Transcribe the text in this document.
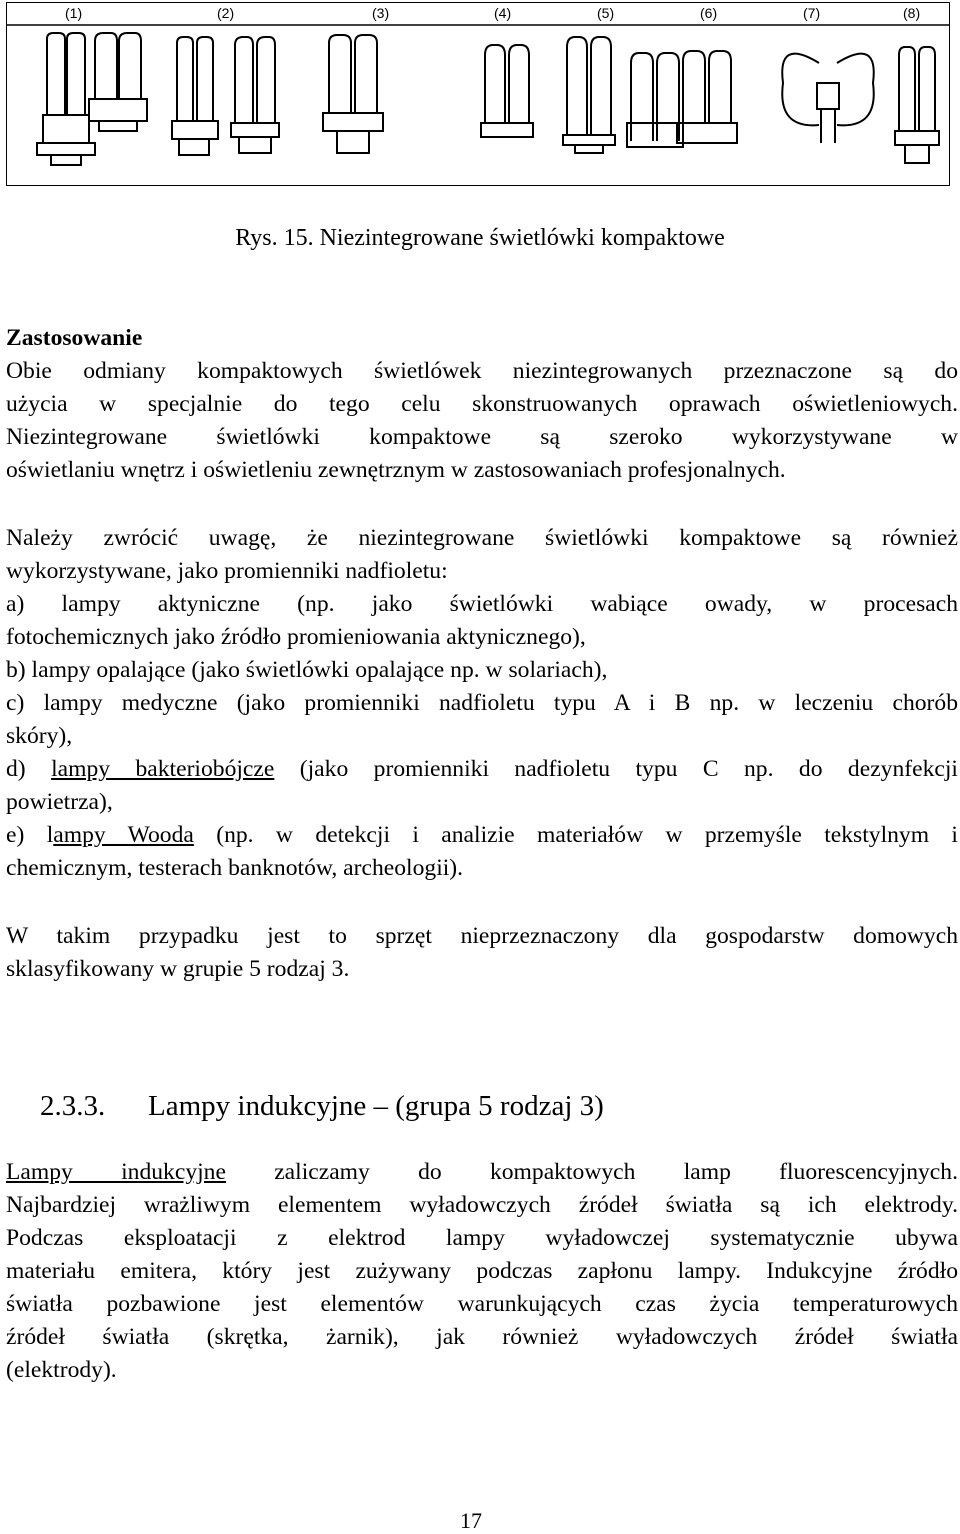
(1)	(2)	(3)	(4)	(5)	(6)	(7)	(8)
Rys. 15. Niezintegrowane świetlówki kompaktowe
Zastosowanie
Obie odmiany kompaktowych świetlówek niezintegrowanych przeznaczone są do
użycia w specjalnie do tego celu skonstruowanych oprawach oświetleniowych.
Niezintegrowane świetlówki kompaktowe są szeroko wykorzystywane w
oświetlaniu wnętrz i oświetleniu zewnętrznym w zastosowaniach profesjonalnych.
Należy zwrócić uwagę, że niezintegrowane świetlówki kompaktowe są również
wykorzystywane, jako promienniki nadfioletu:
a) lampy aktyniczne (np. jako świetlówki wabiące owady, w procesach
fotochemicznych jako źródło promieniowania aktynicznego),
b) lampy opalające (jako świetlówki opalające np. w solariach),
c) lampy medyczne (jako promienniki nadfioletu typu A i B np. w leczeniu chorób
skóry),
d) lampy bakteriobójcze (jako promienniki nadfioletu typu C np. do dezynfekcji
powietrza),
e) lampy Wooda (np. w detekcji i analizie materiałów w przemyśle tekstylnym i
chemicznym, testerach banknotów, archeologii).
W takim przypadku jest to sprzęt nieprzeznaczony dla gospodarstw domowych
sklasyfikowany w grupie 5 rodzaj 3.
2.3.3. Lampy indukcyjne – (grupa 5 rodzaj 3)
Lampy indukcyjne zaliczamy do kompaktowych lamp fluorescencyjnych.
Najbardziej wrażliwym elementem wyładowczych źródeł światła są ich elektrody.
Podczas eksploatacji z elektrod lampy wyładowczej systematycznie ubywa
materiału emitera, który jest zużywany podczas zapłonu lampy. Indukcyjne źródło
światła pozbawione jest elementów warunkujących czas życia temperaturowych
źródeł światła (skrętka, żarnik), jak również wyładowczych źródeł światła
(elektrody).
17
